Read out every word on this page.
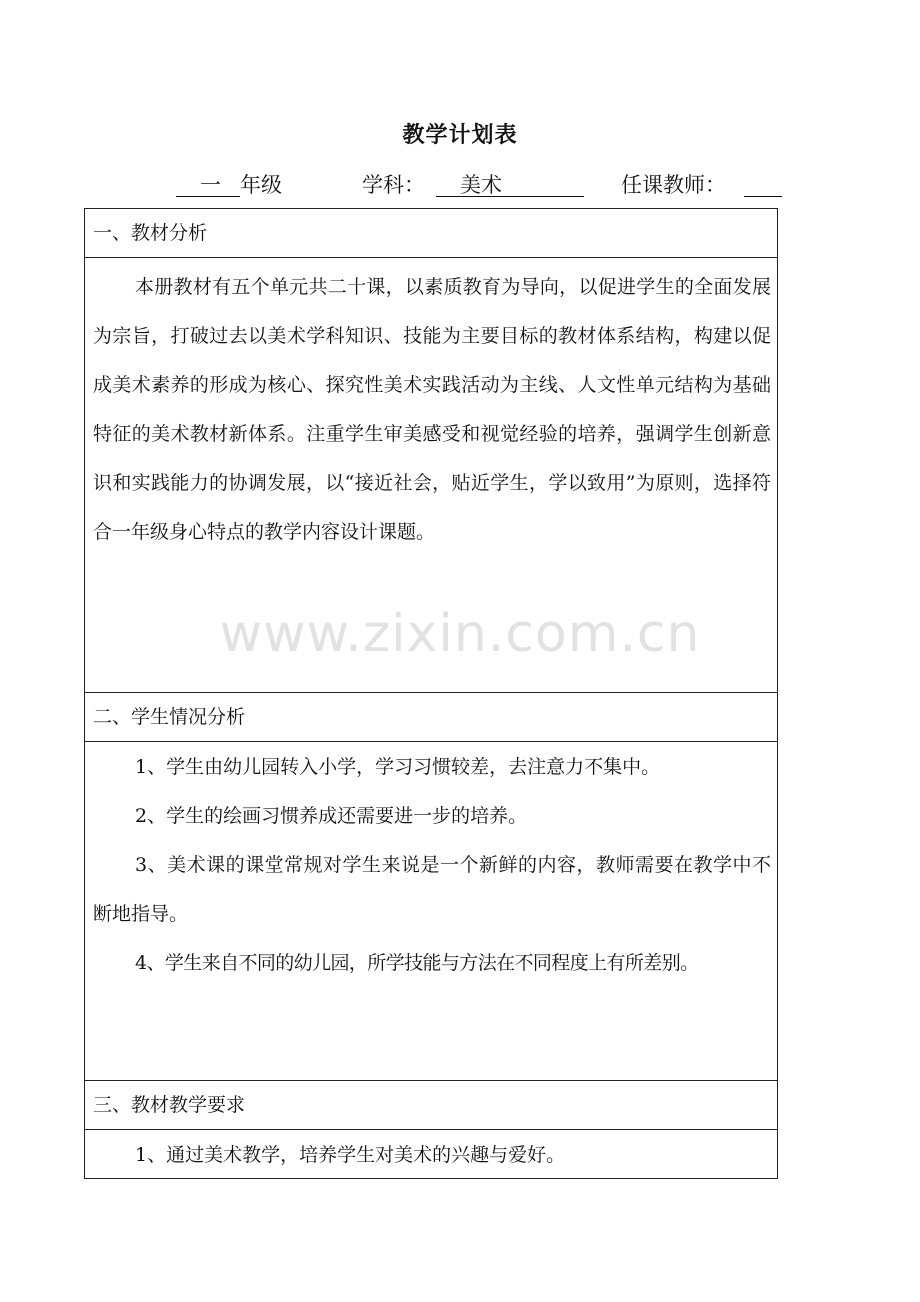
教学计划表
一 年级	学科： 美术	任课教师：
一、教材分析

本册教材有五个单元共二十课，以素质教育为导向，以促进学生的全面发展为宗旨，打破过去以美术学科知识、技能为主要目标的教材体系结构，构建以促成美术素养的形成为核心、探究性美术实践活动为主线、人文性单元结构为基础特征的美术教材新体系。注重学生审美感受和视觉经验的培养，强调学生创新意识和实践能力的协调发展，以“接近社会，贴近学生，学以致用”为原则，选择符合一年级身心特点的教学内容设计课题。

二、学生情况分析

1、学生由幼儿园转入小学，学习习惯较差，去注意力不集中。

2、学生的绘画习惯养成还需要进一步的培养。

3、美术课的课堂常规对学生来说是一个新鲜的内容，教师需要在教学中不断地指导。

4、学生来自不同的幼儿园，所学技能与方法在不同程度上有所差别。

三、教材教学要求

1、通过美术教学，培养学生对美术的兴趣与爱好。

www.zixin.com.cn
